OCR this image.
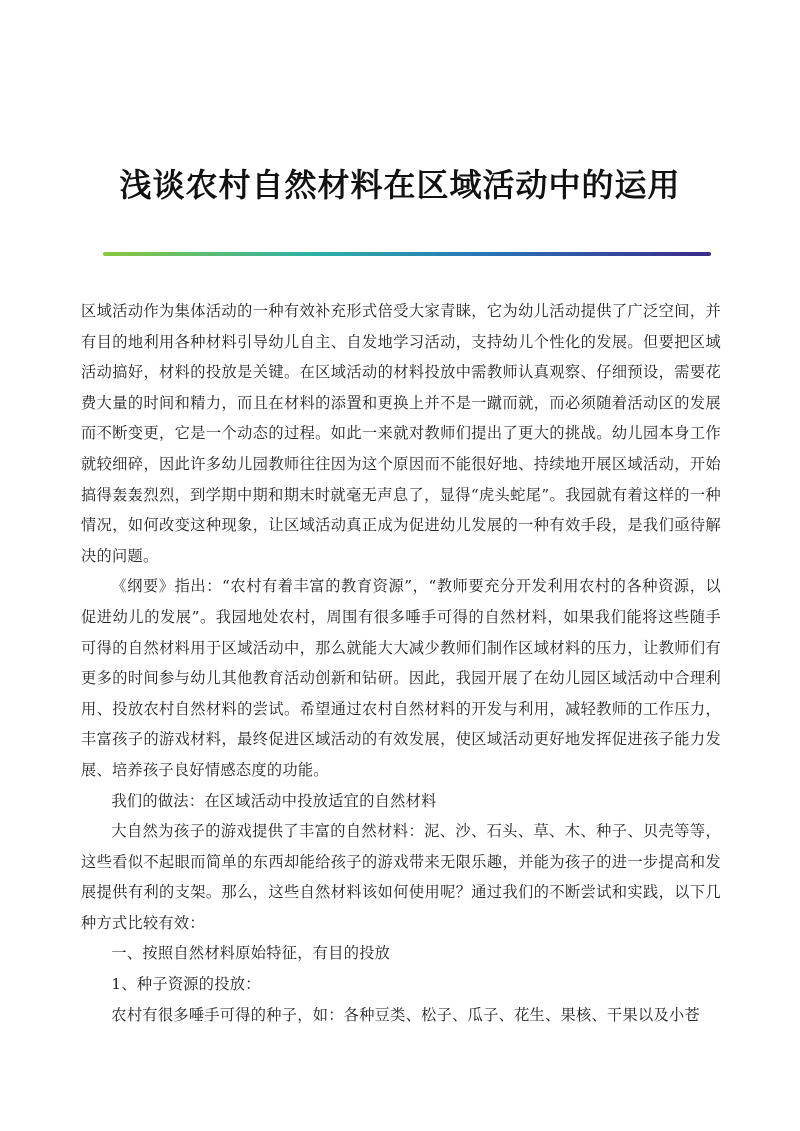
浅谈农村自然材料在区域活动中的运用

区域活动作为集体活动的一种有效补充形式倍受大家青睐，它为幼儿活动提供了广泛空间，并有目的地利用各种材料引导幼儿自主、自发地学习活动，支持幼儿个性化的发展。但要把区域活动搞好，材料的投放是关键。在区域活动的材料投放中需教师认真观察、仔细预设，需要花费大量的时间和精力，而且在材料的添置和更换上并不是一蹴而就，而必须随着活动区的发展而不断变更，它是一个动态的过程。如此一来就对教师们提出了更大的挑战。幼儿园本身工作就较细碎，因此许多幼儿园教师往往因为这个原因而不能很好地、持续地开展区域活动，开始搞得轰轰烈烈，到学期中期和期末时就毫无声息了，显得“虎头蛇尾”。我园就有着这样的一种情况，如何改变这种现象，让区域活动真正成为促进幼儿发展的一种有效手段，是我们亟待解决的问题。

《纲要》指出：“农村有着丰富的教育资源”，“教师要充分开发利用农村的各种资源，以促进幼儿的发展”。我园地处农村，周围有很多唾手可得的自然材料，如果我们能将这些随手可得的自然材料用于区域活动中，那么就能大大减少教师们制作区域材料的压力，让教师们有更多的时间参与幼儿其他教育活动创新和钻研。因此，我园开展了在幼儿园区域活动中合理利用、投放农村自然材料的尝试。希望通过农村自然材料的开发与利用，减轻教师的工作压力，丰富孩子的游戏材料，最终促进区域活动的有效发展，使区域活动更好地发挥促进孩子能力发展、培养孩子良好情感态度的功能。

我们的做法：在区域活动中投放适宜的自然材料

大自然为孩子的游戏提供了丰富的自然材料：泥、沙、石头、草、木、种子、贝壳等等，这些看似不起眼而简单的东西却能给孩子的游戏带来无限乐趣，并能为孩子的进一步提高和发展提供有利的支架。那么，这些自然材料该如何使用呢？通过我们的不断尝试和实践，以下几种方式比较有效：

一、按照自然材料原始特征，有目的投放

1、种子资源的投放：

农村有很多唾手可得的种子，如：各种豆类、松子、瓜子、花生、果核、干果以及小苍
